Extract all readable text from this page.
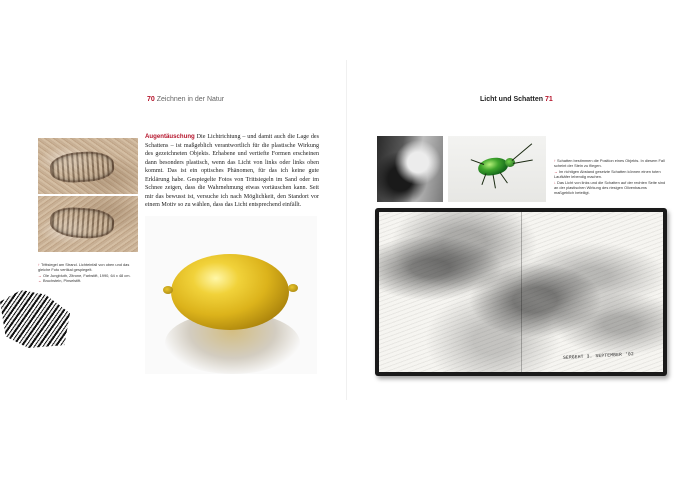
70 Zeichnen in der Natur
↑ Trittsiegel am Strand. Lichteinfall von oben und das gleiche Foto vertikal gespiegelt.
→ Ole Jungbluth, Zitrone, Farbstift, 1990, 64 x 48 cm.
← Bruchstein, Pinselstift.
Augentäuschung Die Lichtrichtung – und damit auch die Lage des Schattens – ist maßgeblich verantwortlich für die plastische Wirkung des gezeichneten Objekts. Erhabene und vertiefte Formen erscheinen dann besonders plastisch, wenn das Licht von links oder links oben kommt. Das ist ein optisches Phänomen, für das ich keine gute Erklärung habe. Gespiegelte Fotos von Trittsiegeln im Sand oder im Schnee zeigen, dass die Wahrnehmung etwas vortäuschen kann. Seit mir das bewusst ist, versuche ich nach Möglichkeit, den Standort vor einem Motiv so zu wählen, dass das Licht entsprechend einfällt.
Licht und Schatten 71
↑ Schatten bestimmen die Position eines Objekts. In diesem Fall scheint der Stein zu fliegen.
→ Im richtigen Abstand gesetzte Schatten können einen toten Laufkäfer lebendig machen.
↓ Das Licht von links und die Schatten auf der rechten Seite sind an der plastischen Wirkung des riesigen Olivenbaums maßgeblich beteiligt.
SERGEHT 3. SEPTEMBER '02
